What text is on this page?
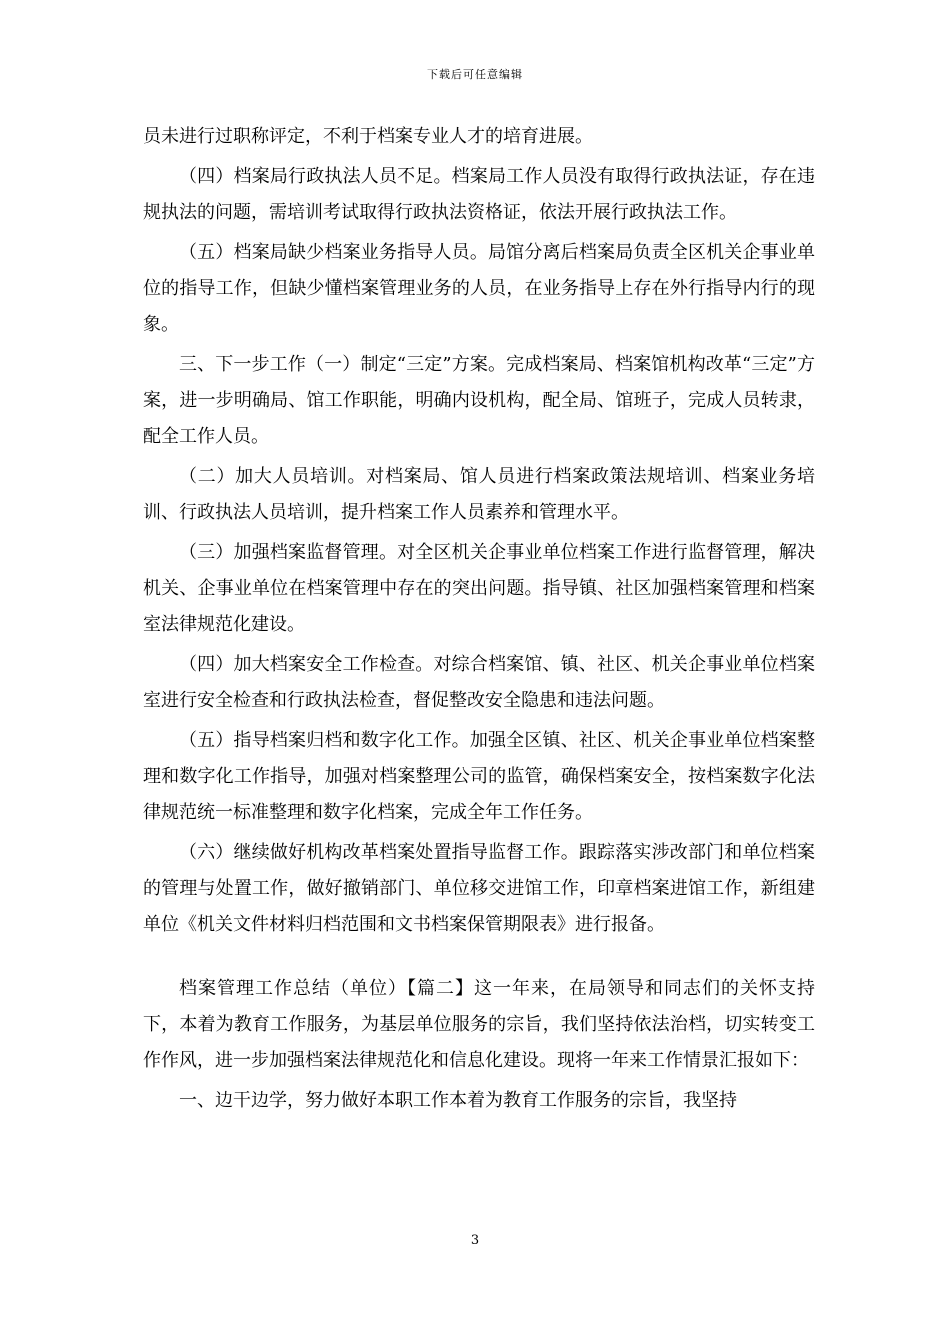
下载后可任意编辑

员未进行过职称评定，不利于档案专业人才的培育进展。

（四）档案局行政执法人员不足。档案局工作人员没有取得行政执法证，存在违规执法的问题，需培训考试取得行政执法资格证，依法开展行政执法工作。

（五）档案局缺少档案业务指导人员。局馆分离后档案局负责全区机关企事业单位的指导工作，但缺少懂档案管理业务的人员，在业务指导上存在外行指导内行的现象。

三、下一步工作（一）制定“三定”方案。完成档案局、档案馆机构改革“三定”方案，进一步明确局、馆工作职能，明确内设机构，配全局、馆班子，完成人员转隶，配全工作人员。

（二）加大人员培训。对档案局、馆人员进行档案政策法规培训、档案业务培训、行政执法人员培训，提升档案工作人员素养和管理水平。

（三）加强档案监督管理。对全区机关企事业单位档案工作进行监督管理，解决机关、企事业单位在档案管理中存在的突出问题。指导镇、社区加强档案管理和档案室法律规范化建设。

（四）加大档案安全工作检查。对综合档案馆、镇、社区、机关企事业单位档案室进行安全检查和行政执法检查，督促整改安全隐患和违法问题。

（五）指导档案归档和数字化工作。加强全区镇、社区、机关企事业单位档案整理和数字化工作指导，加强对档案整理公司的监管，确保档案安全，按档案数字化法律规范统一标准整理和数字化档案，完成全年工作任务。

（六）继续做好机构改革档案处置指导监督工作。跟踪落实涉改部门和单位档案的管理与处置工作，做好撤销部门、单位移交进馆工作，印章档案进馆工作，新组建单位《机关文件材料归档范围和文书档案保管期限表》进行报备。

档案管理工作总结（单位）【篇二】这一年来，在局领导和同志们的关怀支持下，本着为教育工作服务，为基层单位服务的宗旨，我们坚持依法治档，切实转变工作作风，进一步加强档案法律规范化和信息化建设。现将一年来工作情景汇报如下：

一、边干边学，努力做好本职工作本着为教育工作服务的宗旨，我坚持

3
